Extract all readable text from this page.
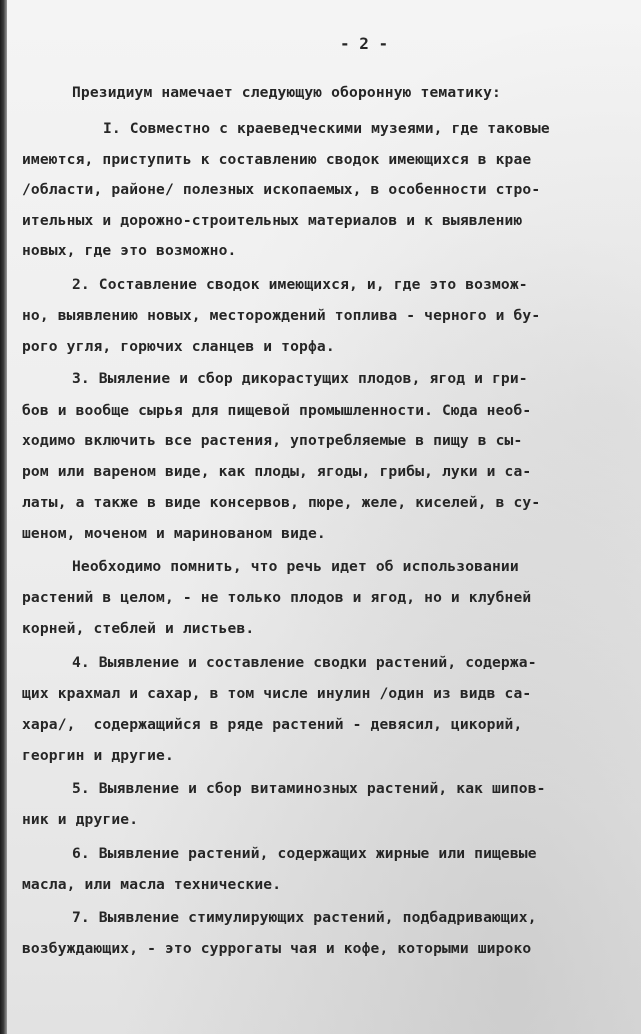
- 2 -
Президиум намечает следующую оборонную тематику:
I. Совместно с краеведческими музеями, где таковые
имеются, приступить к составлению сводок имеющихся в крае
/области, районе/ полезных ископаемых, в особенности стро-
ительных и дорожно-строительных материалов и к выявлению
новых, где это возможно.
2. Составление сводок имеющихся, и, где это возмож-
но, выявлению новых, месторождений топлива - черного и бу-
рого угля, горючих сланцев и торфа.
3. Выяление и сбор дикорастущих плодов, ягод и гри-
бов и вообще сырья для пищевой промышленности. Сюда необ-
ходимо включить все растения, употребляемые в пищу в сы-
ром или вареном виде, как плоды, ягоды, грибы, луки и са-
латы, а также в виде консервов, пюре, желе, киселей, в су-
шеном, моченом и маринованом виде.
Необходимо помнить, что речь идет об использовании
растений в целом, - не только плодов и ягод, но и клубней
корней, стеблей и листьев.
4. Выявление и составление сводки растений, содержа-
щих крахмал и сахар, в том числе инулин /один из видв са-
хара/,  содержащийся в ряде растений - девясил, цикорий,
георгин и другие.
5. Выявление и сбор витаминозных растений, как шипов-
ник и другие.
6. Выявление растений, содержащих жирные или пищевые
масла, или масла технические.
7. Выявление стимулирующих растений, подбадривающих,
возбуждающих, - это суррогаты чая и кофе, которыми широко
